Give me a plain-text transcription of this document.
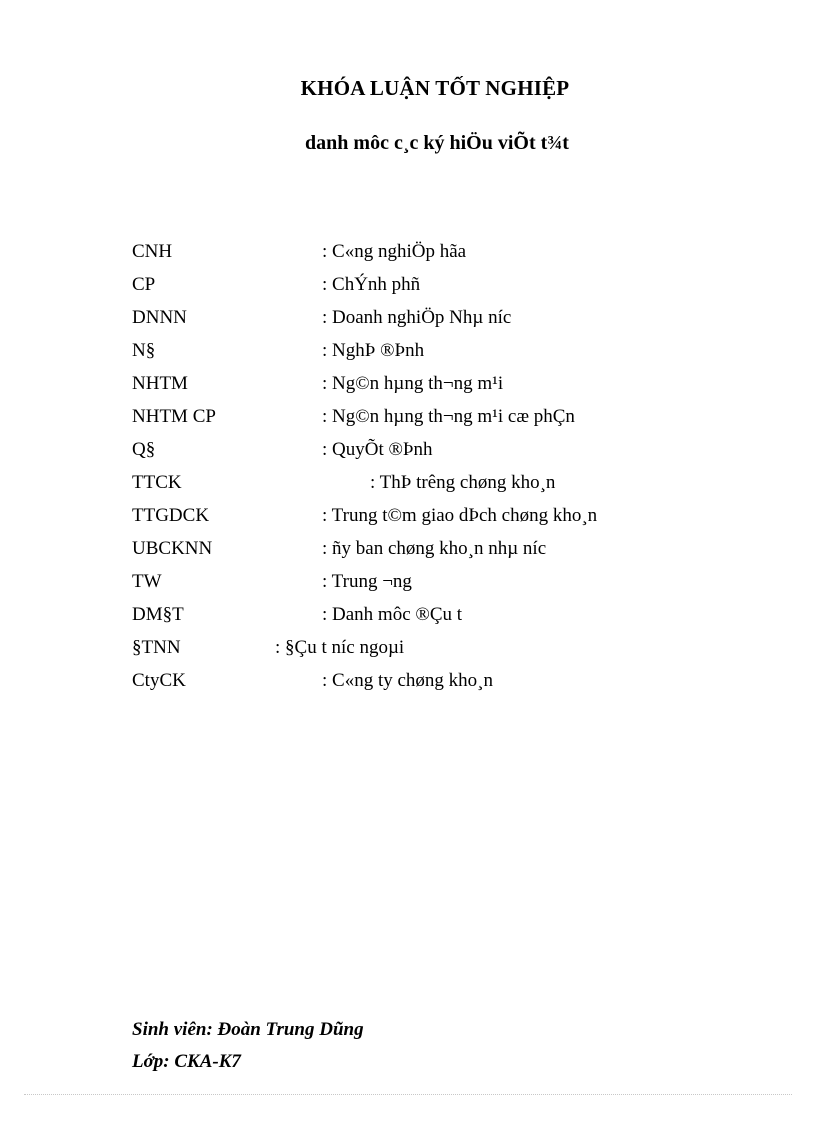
KHÓA LUẬN TỐT NGHIỆP
danh môc c¸c ký hiÖu viÕt t¾t
CNH	: C«ng nghiÖp hãa
CP	: ChÝnh phñ
DNNN	: Doanh nghiÖp Nhµ níc
N§	: NghÞ ®Þnh
NHTM	: Ng©n hµng th¬ng m¹i
NHTM CP	: Ng©n hµng th¬ng m¹i cæ phÇn
Q§	: QuyÕt ®Þnh
TTCK	: ThÞ trêng chøng kho¸n
TTGDCK	: Trung t©m giao dÞch chøng kho¸n
UBCKNN	: ñy ban chøng kho¸n nhµ níc
TW	: Trung ¬ng
DM§T	: Danh môc ®Çu t
§TNN	: §Çu t níc ngoµi
CtyCK	: C«ng ty chøng kho¸n
Sinh viên: Đoàn Trung Dũng
Lớp: CKA-K7
